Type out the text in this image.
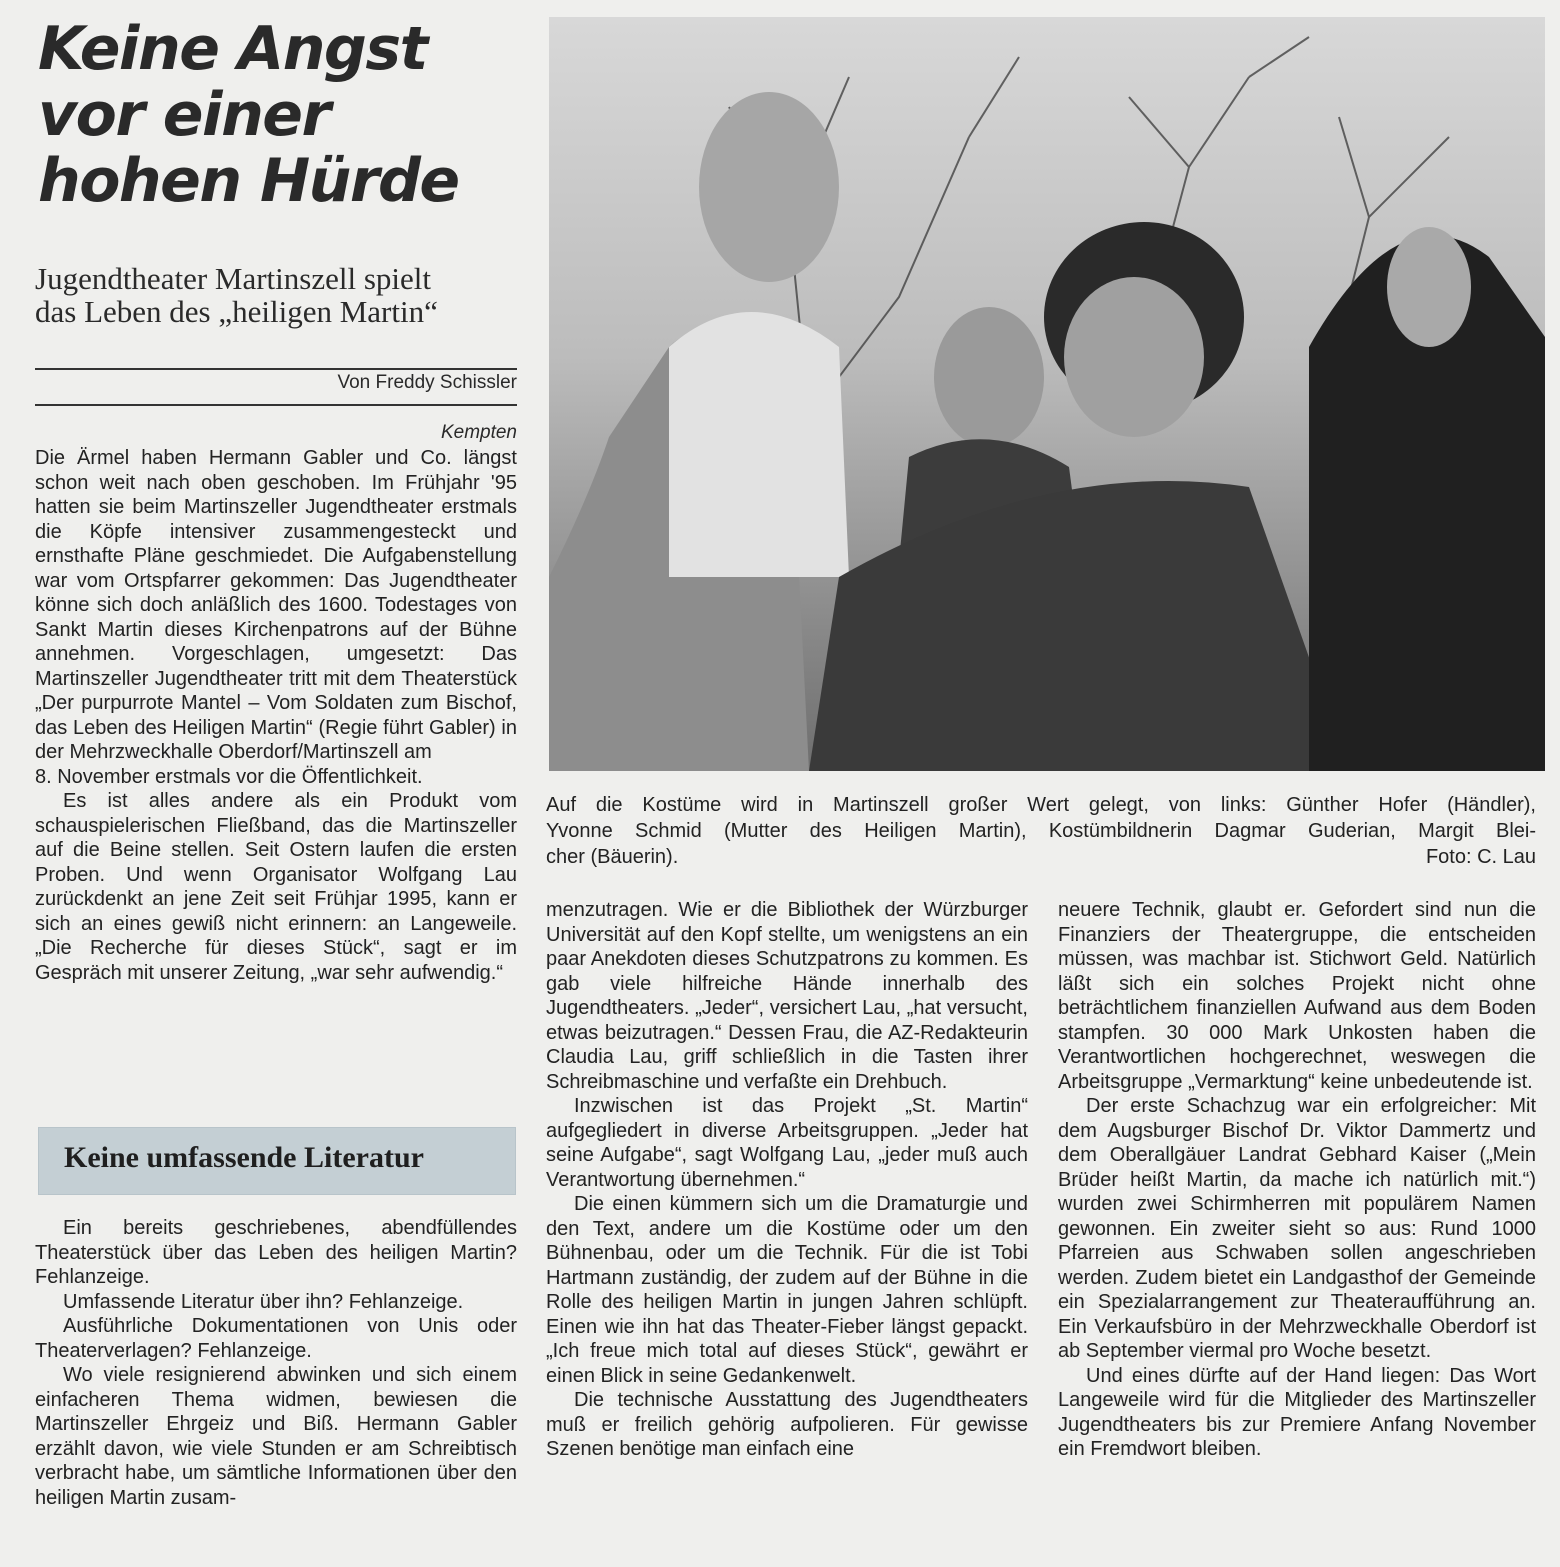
Keine Angst
vor einer
hohen Hürde
Jugendtheater Martinszell spielt
das Leben des „heiligen Martin“
Von Freddy Schissler
Kempten

Die Ärmel haben Hermann Gabler und Co. längst schon weit nach oben geschoben. Im Frühjahr '95 hatten sie beim Martinszeller Jugendtheater erstmals die Köpfe intensiver zusammengesteckt und ernsthafte Pläne geschmiedet. Die Aufgabenstellung war vom Ortspfarrer gekommen: Das Jugendtheater könne sich doch anläßlich des 1600. Todestages von Sankt Martin dieses Kirchenpatrons auf der Bühne annehmen. Vorgeschlagen, umgesetzt: Das Martinszeller Jugendtheater tritt mit dem Theaterstück „Der purpurrote Mantel – Vom Soldaten zum Bischof, das Leben des Heiligen Martin“ (Regie führt Gabler) in der Mehrzweckhalle Oberdorf/Martinszell am

8. November erstmals vor die Öffentlichkeit.

Es ist alles andere als ein Produkt vom schauspielerischen Fließband, das die Martinszeller auf die Beine stellen. Seit Ostern laufen die ersten Proben. Und wenn Organisator Wolfgang Lau zurückdenkt an jene Zeit seit Frühjar 1995, kann er sich an eines gewiß nicht erinnern: an Langeweile. „Die Recherche für dieses Stück“, sagt er im Gespräch mit unserer Zeitung, „war sehr aufwendig.“

Keine umfassende Literatur

Ein bereits geschriebenes, abendfüllendes Theaterstück über das Leben des heiligen Martin? Fehlanzeige.

Umfassende Literatur über ihn? Fehlanzeige.

Ausführliche Dokumentationen von Unis oder Theaterverlagen? Fehlanzeige.

Wo viele resignierend abwinken und sich einem einfacheren Thema widmen, bewiesen die Martinszeller Ehrgeiz und Biß. Hermann Gabler erzählt davon, wie viele Stunden er am Schreibtisch verbracht habe, um sämtliche Informationen über den heiligen Martin zusam-

Auf die Kostüme wird in Martinszell großer Wert gelegt, von links: Günther Hofer (Händler),
Yvonne Schmid (Mutter des Heiligen Martin), Kostümbildnerin Dagmar Guderian, Margit Blei-
cher (Bäuerin).	Foto: C. Lau

menzutragen. Wie er die Bibliothek der Würzburger Universität auf den Kopf stellte, um wenigstens an ein paar Anekdoten dieses Schutzpatrons zu kommen. Es gab viele hilfreiche Hände innerhalb des Jugendtheaters. „Jeder“, versichert Lau, „hat versucht, etwas beizutragen.“ Dessen Frau, die AZ-Redakteurin Claudia Lau, griff schließlich in die Tasten ihrer Schreibmaschine und verfaßte ein Drehbuch.

Inzwischen ist das Projekt „St. Martin“ aufgegliedert in diverse Arbeitsgruppen. „Jeder hat seine Aufgabe“, sagt Wolfgang Lau, „jeder muß auch Verantwortung übernehmen.“

Die einen kümmern sich um die Dramaturgie und den Text, andere um die Kostüme oder um den Bühnenbau, oder um die Technik. Für die ist Tobi Hartmann zuständig, der zudem auf der Bühne in die Rolle des heiligen Martin in jungen Jahren schlüpft. Einen wie ihn hat das Theater-Fieber längst gepackt. „Ich freue mich total auf dieses Stück“, gewährt er einen Blick in seine Gedankenwelt.

Die technische Ausstattung des Jugendtheaters muß er freilich gehörig aufpolieren. Für gewisse Szenen benötige man einfach eine

neuere Technik, glaubt er. Gefordert sind nun die Finanziers der Theatergruppe, die entscheiden müssen, was machbar ist. Stichwort Geld. Natürlich läßt sich ein solches Projekt nicht ohne beträchtlichem finanziellen Aufwand aus dem Boden stampfen. 30 000 Mark Unkosten haben die Verantwortlichen hochgerechnet, weswegen die Arbeitsgruppe „Vermarktung“ keine unbedeutende ist.

Der erste Schachzug war ein erfolgreicher: Mit dem Augsburger Bischof Dr. Viktor Dammertz und dem Oberallgäuer Landrat Gebhard Kaiser („Mein Brüder heißt Martin, da mache ich natürlich mit.“) wurden zwei Schirmherren mit populärem Namen gewonnen. Ein zweiter sieht so aus: Rund 1000 Pfarreien aus Schwaben sollen angeschrieben werden. Zudem bietet ein Landgasthof der Gemeinde ein Spezialarrangement zur Theateraufführung an. Ein Verkaufsbüro in der Mehrzweckhalle Oberdorf ist ab September viermal pro Woche besetzt.

Und eines dürfte auf der Hand liegen: Das Wort Langeweile wird für die Mitglieder des Martinszeller Jugendtheaters bis zur Premiere Anfang November ein Fremdwort bleiben.
